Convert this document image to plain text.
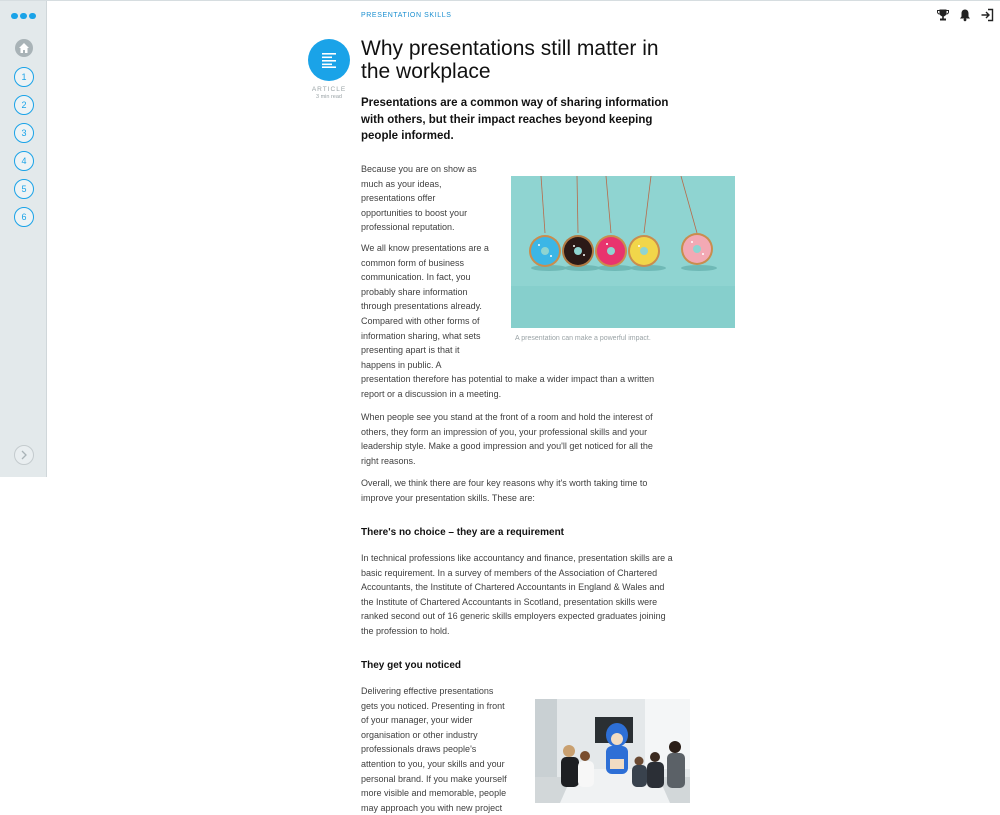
1
2
3
4
5
6
PRESENTATION SKILLS
ARTICLE
3 min read
Why presentations still matter in the workplace

Presentations are a common way of sharing information with others, but their impact reaches beyond keeping people informed.

Because you are on show as
much as your ideas,
presentations offer
opportunities to boost your
professional reputation.
We all know presentations are a
common form of business
communication. In fact, you
probably share information
through presentations already.
Compared with other forms of
information sharing, what sets
presenting apart is that it
happens in public. A
presentation therefore has potential to make a wider impact than a written
report or a discussion in a meeting.
A presentation can make a powerful impact.
When people see you stand at the front of a room and hold the interest of
others, they form an impression of you, your professional skills and your
leadership style. Make a good impression and you'll get noticed for all the
right reasons.
Overall, we think there are four key reasons why it's worth taking time to
improve your presentation skills. These are:
There's no choice – they are a requirement
In technical professions like accountancy and finance, presentation skills are a
basic requirement. In a survey of members of the Association of Chartered
Accountants, the Institute of Chartered Accountants in England & Wales and
the Institute of Chartered Accountants in Scotland, presentation skills were
ranked second out of 16 generic skills employers expected graduates joining
the profession to hold.
They get you noticed
Delivering effective presentations
gets you noticed. Presenting in front
of your manager, your wider
organisation or other industry
professionals draws people's
attention to you, your skills and your
personal brand. If you make yourself
more visible and memorable, people
may approach you with new project
